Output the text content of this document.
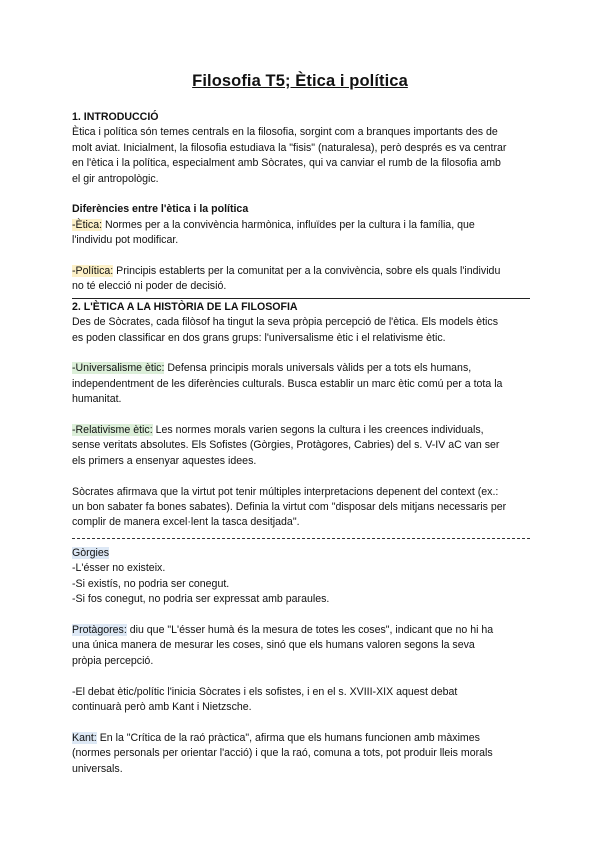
Filosofia T5; Ètica i política

1. INTRODUCCIÓ

Ètica i política són temes centrals en la filosofia, sorgint com a branques importants des de

molt aviat. Inicialment, la filosofia estudiava la "fisis" (naturalesa), però després es va centrar

en l'ètica i la política, especialment amb Sòcrates, qui va canviar el rumb de la filosofia amb

el gir antropològic.

Diferències entre l'ètica i la política

-Ètica: Normes per a la convivència harmònica, influïdes per la cultura i la família, que

l'individu pot modificar.

-Política: Principis establerts per la comunitat per a la convivència, sobre els quals l'individu

no té elecció ni poder de decisió.

2. L'ÈTICA A LA HISTÒRIA DE LA FILOSOFIA

Des de Sòcrates, cada filòsof ha tingut la seva pròpia percepció de l'ètica. Els models ètics

es poden classificar en dos grans grups: l'universalisme ètic i el relativisme ètic.

-Universalisme ètic: Defensa principis morals universals vàlids per a tots els humans,

independentment de les diferències culturals. Busca establir un marc ètic comú per a tota la

humanitat.

-Relativisme ètic: Les normes morals varien segons la cultura i les creences individuals,

sense veritats absolutes. Els Sofistes (Gòrgies, Protàgores, Cabries) del s. V-IV aC van ser

els primers a ensenyar aquestes idees.

Sòcrates afirmava que la virtut pot tenir múltiples interpretacions depenent del context (ex.:

un bon sabater fa bones sabates). Definia la virtut com "disposar dels mitjans necessaris per

complir de manera excel·lent la tasca desitjada".

Gòrgies

-L'ésser no existeix.

-Si existís, no podria ser conegut.

-Si fos conegut, no podria ser expressat amb paraules.

Protàgores: diu que "L'ésser humà és la mesura de totes les coses", indicant que no hi ha

una única manera de mesurar les coses, sinó que els humans valoren segons la seva

pròpia percepció.

-El debat ètic/polític l'inicia Sòcrates i els sofistes, i en el s. XVIII-XIX aquest debat

continuarà però amb Kant i Nietzsche.

Kant: En la "Crítica de la raó pràctica", afirma que els humans funcionen amb màximes

(normes personals per orientar l'acció) i que la raó, comuna a tots, pot produir lleis morals

universals.
